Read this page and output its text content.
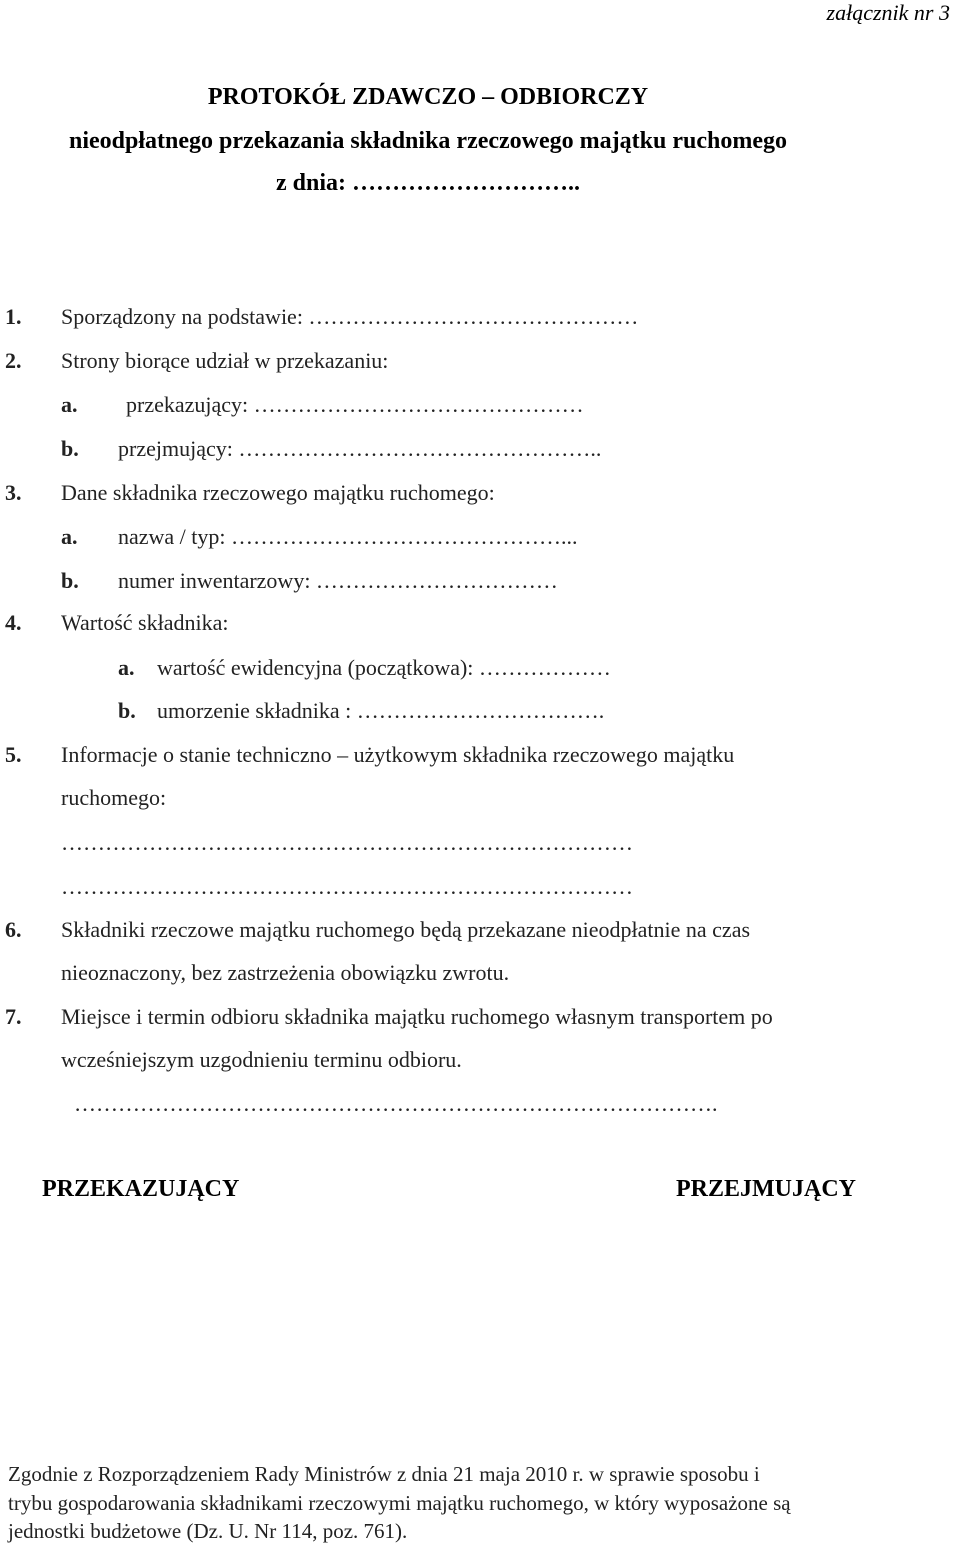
załącznik nr 3
PROTOKÓŁ ZDAWCZO – ODBIORCZY
nieodpłatnego przekazania składnika rzeczowego majątku ruchomego
z dnia: ………………………..
1. Sporządzony na podstawie: ………………………………………
2. Strony biorące udział w przekazaniu:
a. przekazujący: ………………………………………
b. przejmujący: …………………………………………..
3. Dane składnika rzeczowego majątku ruchomego:
a. nazwa / typ: ………………………………………...
b. numer inwentarzowy: ……………………………
4. Wartość składnika:
a. wartość ewidencyjna (początkowa): ………………
b. umorzenie składnika : …………………………….
5. Informacje o stanie techniczno – użytkowym składnika rzeczowego majątku
ruchomego:
……………………………………………………………………
……………………………………………………………………
6. Składniki rzeczowe majątku ruchomego będą przekazane nieodpłatnie na czas
nieoznaczony, bez zastrzeżenia obowiązku zwrotu.
7. Miejsce i termin odbioru składnika majątku ruchomego własnym transportem po
wcześniejszym uzgodnieniu terminu odbioru.
…………………………………………………………………………….
PRZEKAZUJĄCY	PRZEJMUJĄCY
Zgodnie z Rozporządzeniem Rady Ministrów z dnia 21 maja 2010 r. w sprawie sposobu i
trybu gospodarowania składnikami rzeczowymi majątku ruchomego, w który wyposażone są
jednostki budżetowe (Dz. U. Nr 114, poz. 761).
